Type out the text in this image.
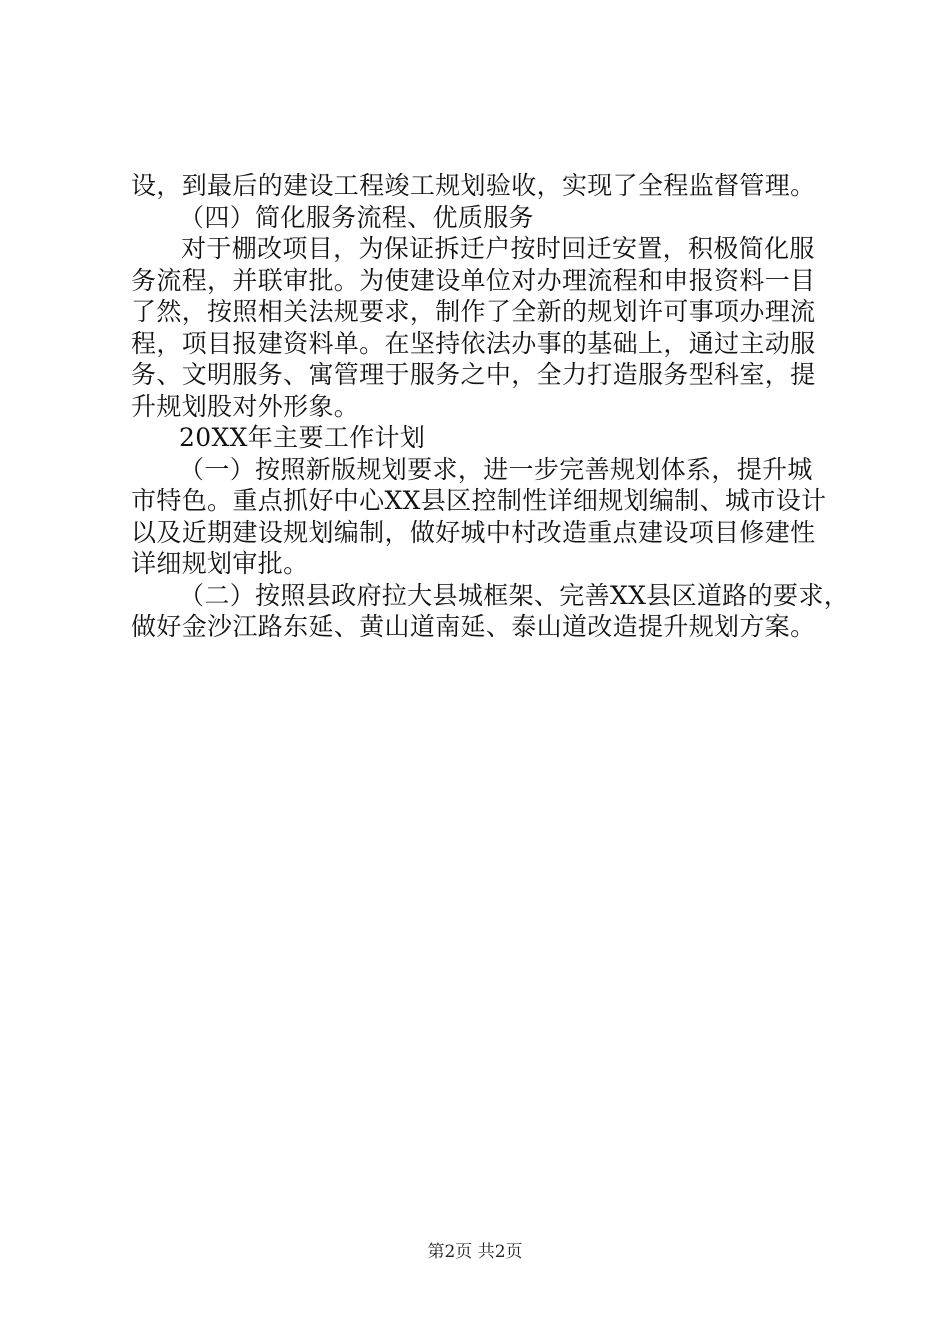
设，到最后的建设工程竣工规划验收，实现了全程监督管理。
（四）简化服务流程、优质服务
对于棚改项目，为保证拆迁户按时回迁安置，积极简化服
务流程，并联审批。为使建设单位对办理流程和申报资料一目
了然，按照相关法规要求，制作了全新的规划许可事项办理流
程，项目报建资料单。在坚持依法办事的基础上，通过主动服
务、文明服务、寓管理于服务之中，全力打造服务型科室，提
升规划股对外形象。
20XX年主要工作计划
（一）按照新版规划要求，进一步完善规划体系，提升城
市特色。重点抓好中心XX县区控制性详细规划编制、城市设计
以及近期建设规划编制，做好城中村改造重点建设项目修建性
详细规划审批。
（二）按照县政府拉大县城框架、完善XX县区道路的要求，
做好金沙江路东延、黄山道南延、泰山道改造提升规划方案。
第2页 共2页
